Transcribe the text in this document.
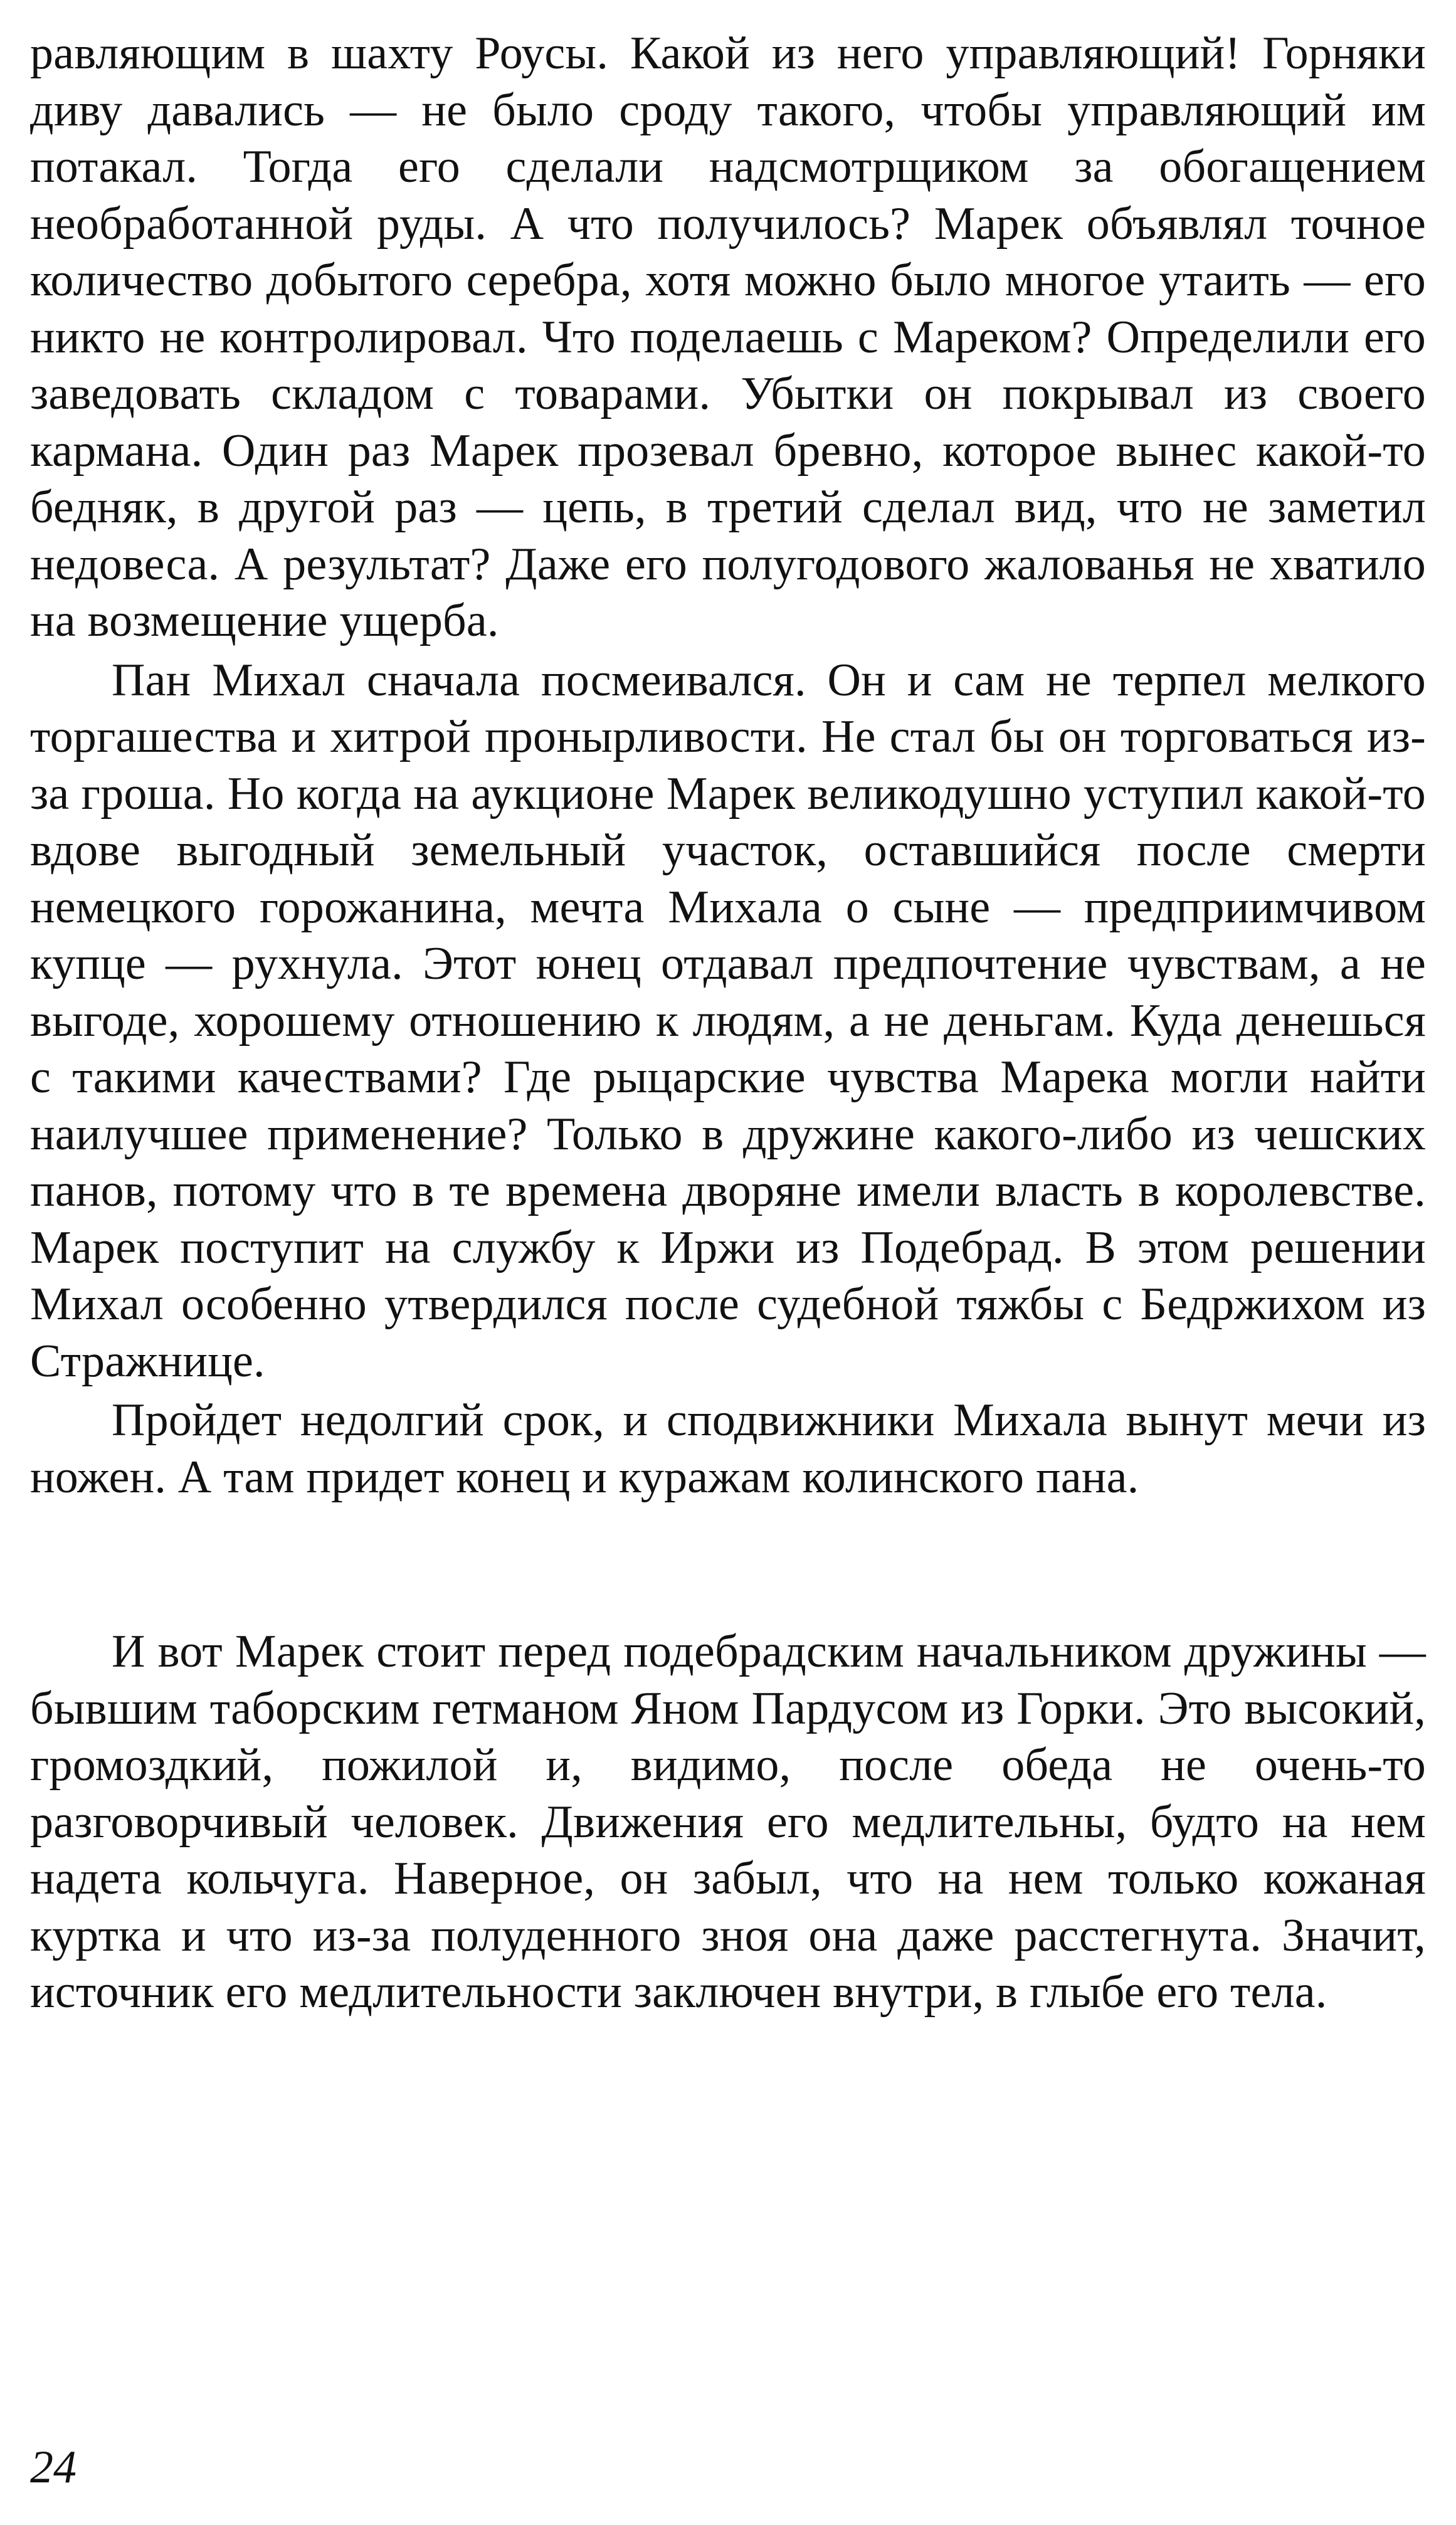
равляющим в шахту Роусы. Какой из него управляющий! Горняки диву давались — не было сроду такого, чтобы управляющий им потакал. Тогда его сделали надсмотрщиком за обогащением необработанной руды. А что получилось? Марек объявлял точное количество добытого серебра, хотя можно было многое утаить — его никто не контролировал. Что поделаешь с Мареком? Определили его заведовать складом с товарами. Убытки он покрывал из своего кармана. Один раз Марек прозевал бревно, которое вынес какой-то бедняк, в другой раз — цепь, в третий сделал вид, что не заметил недовеса. А результат? Даже его полугодового жалованья не хватило на возмещение ущерба.

Пан Михал сначала посмеивался. Он и сам не терпел мелкого торгашества и хитрой пронырливости. Не стал бы он торговаться из-за гроша. Но когда на аукционе Марек великодушно уступил какой-то вдове выгодный земельный участок, оставшийся после смерти немецкого горожанина, мечта Михала о сыне — предприимчивом купце — рухнула. Этот юнец отдавал предпочтение чувствам, а не выгоде, хорошему отношению к людям, а не деньгам. Куда денешься с такими качествами? Где рыцарские чувства Марека могли найти наилучшее применение? Только в дружине какого-либо из чешских панов, потому что в те времена дворяне имели власть в королевстве. Марек поступит на службу к Иржи из Подебрад. В этом решении Михал особенно утвердился после судебной тяжбы с Бедржихом из Стражнице.

Пройдет недолгий срок, и сподвижники Михала вынут мечи из ножен. А там придет конец и куражам колинского пана.

И вот Марек стоит перед подебрадским начальником дружины — бывшим таборским гетманом Яном Пардусом из Горки. Это высокий, громоздкий, пожилой и, видимо, после обеда не очень-то разговорчивый человек. Движения его медлительны, будто на нем надета кольчуга. Наверное, он забыл, что на нем только кожаная куртка и что из-за полуденного зноя она даже расстегнута. Значит, источник его медлительности заключен внутри, в глыбе его тела.

24
